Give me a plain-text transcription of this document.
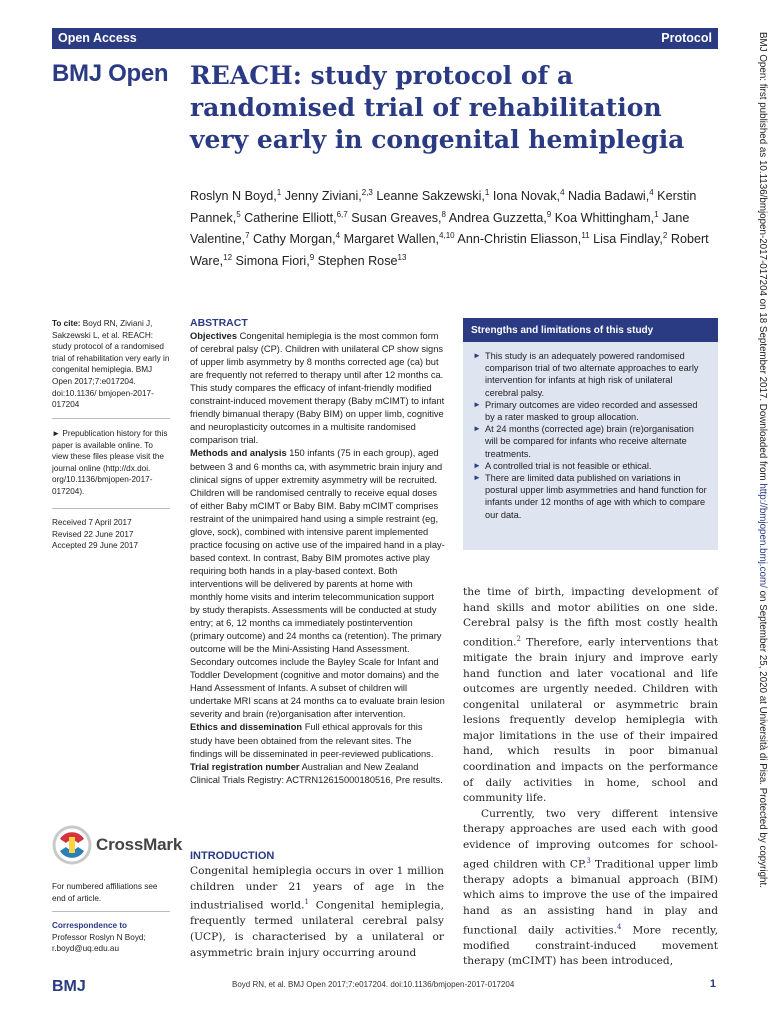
Open Access	Protocol
BMJ Open REACH: study protocol of a randomised trial of rehabilitation very early in congenital hemiplegia
Roslyn N Boyd,$^1$ Jenny Ziviani,$^{2,3}$ Leanne Sakzewski,$^1$ Iona Novak,$^4$ Nadia Badawi,$^4$ Kerstin Pannek,$^5$ Catherine Elliott,$^{6,7}$ Susan Greaves,$^8$ Andrea Guzzetta,$^9$ Koa Whittingham,$^1$ Jane Valentine,$^7$ Cathy Morgan,$^4$ Margaret Wallen,$^{4,10}$ Ann-Christin Eliasson,$^{11}$ Lisa Findlay,$^2$ Robert Ware,$^{12}$ Simona Fiori,$^9$ Stephen Rose$^{13}$
To cite: Boyd RN, Ziviani J, Sakzewski L, et al. REACH: study protocol of a randomised trial of rehabilitation very early in congenital hemiplegia. BMJ Open 2017;7:e017204. doi:10.1136/ bmjopen-2017-017204
► Prepublication history for this paper is available online. To view these files please visit the journal online (http://dx.doi. org/10.1136/bmjopen-2017- 017204).
Received 7 April 2017
Revised 22 June 2017
Accepted 29 June 2017
CrossMark
For numbered affiliations see end of article.
Correspondence to
Professor Roslyn N Boyd;
r.boyd@uq.edu.au
ABSTRACT
Objectives Congenital hemiplegia is the most common form of cerebral palsy (CP). Children with unilateral CP show signs of upper limb asymmetry by 8 months corrected age (ca) but are frequently not referred to therapy until after 12 months ca. This study compares the efficacy of infant-friendly modified constraint-induced movement therapy (Baby mCIMT) to infant friendly bimanual therapy (Baby BIM) on upper limb, cognitive and neuroplasticity outcomes in a multisite randomised comparison trial.
Methods and analysis 150 infants (75 in each group), aged between 3 and 6 months ca, with asymmetric brain injury and clinical signs of upper extremity asymmetry will be recruited. Children will be randomised centrally to receive equal doses of either Baby mCIMT or Baby BIM. Baby mCIMT comprises restraint of the unimpaired hand using a simple restraint (eg, glove, sock), combined with intensive parent implemented practice focusing on active use of the impaired hand in a play-based context. In contrast, Baby BIM promotes active play requiring both hands in a play-based context. Both interventions will be delivered by parents at home with monthly home visits and interim telecommunication support by study therapists. Assessments will be conducted at study entry; at 6, 12 months ca immediately postintervention (primary outcome) and 24 months ca (retention). The primary outcome will be the Mini-Assisting Hand Assessment. Secondary outcomes include the Bayley Scale for Infant and Toddler Development (cognitive and motor domains) and the Hand Assessment of Infants. A subset of children will undertake MRI scans at 24 months ca to evaluate brain lesion severity and brain (re)organisation after intervention.
Ethics and dissemination Full ethical approvals for this study have been obtained from the relevant sites. The findings will be disseminated in peer-reviewed publications.
Trial registration number Australian and New Zealand Clinical Trials Registry: ACTRN12615000180516, Pre results.
INTRODUCTION
Congenital hemiplegia occurs in over 1 million children under 21 years of age in the industrialised world.$^1$ Congenital hemiplegia, frequently termed unilateral cerebral palsy (UCP), is characterised by a unilateral or asymmetric brain injury occurring around
Strengths and limitations of this study
► This study is an adequately powered randomised comparison trial of two alternate approaches to early intervention for infants at high risk of unilateral cerebral palsy.
► Primary outcomes are video recorded and assessed by a rater masked to group allocation.
► At 24 months (corrected age) brain (re)organisation will be compared for infants who receive alternate treatments.
► A controlled trial is not feasible or ethical.
► There are limited data published on variations in postural upper limb asymmetries and hand function for infants under 12 months of age with which to compare our data.
the time of birth, impacting development of hand skills and motor abilities on one side. Cerebral palsy is the fifth most costly health condition.$^2$ Therefore, early interventions that mitigate the brain injury and improve early hand function and later vocational and life outcomes are urgently needed. Children with congenital unilateral or asymmetric brain lesions frequently develop hemiplegia with major limitations in the use of their impaired hand, which results in poor bimanual coordination and impacts on the performance of daily activities in home, school and community life.
Currently, two very different intensive therapy approaches are used each with good evidence of improving outcomes for school-aged children with CP.$^3$ Traditional upper limb therapy adopts a bimanual approach (BIM) which aims to improve the use of the impaired hand as an assisting hand in play and functional daily activities.$^4$ More recently, modified constraint-induced movement therapy (mCIMT) has been introduced,
BMJ	Boyd RN, et al. BMJ Open 2017;7:e017204. doi:10.1136/bmjopen-2017-017204	1
BMJ Open: first published as 10.1136/bmjopen-2017-017204 on 18 September 2017. Downloaded from http://bmjopen.bmj.com/ on September 25, 2020 at Università di Pisa. Protected by copyright.
